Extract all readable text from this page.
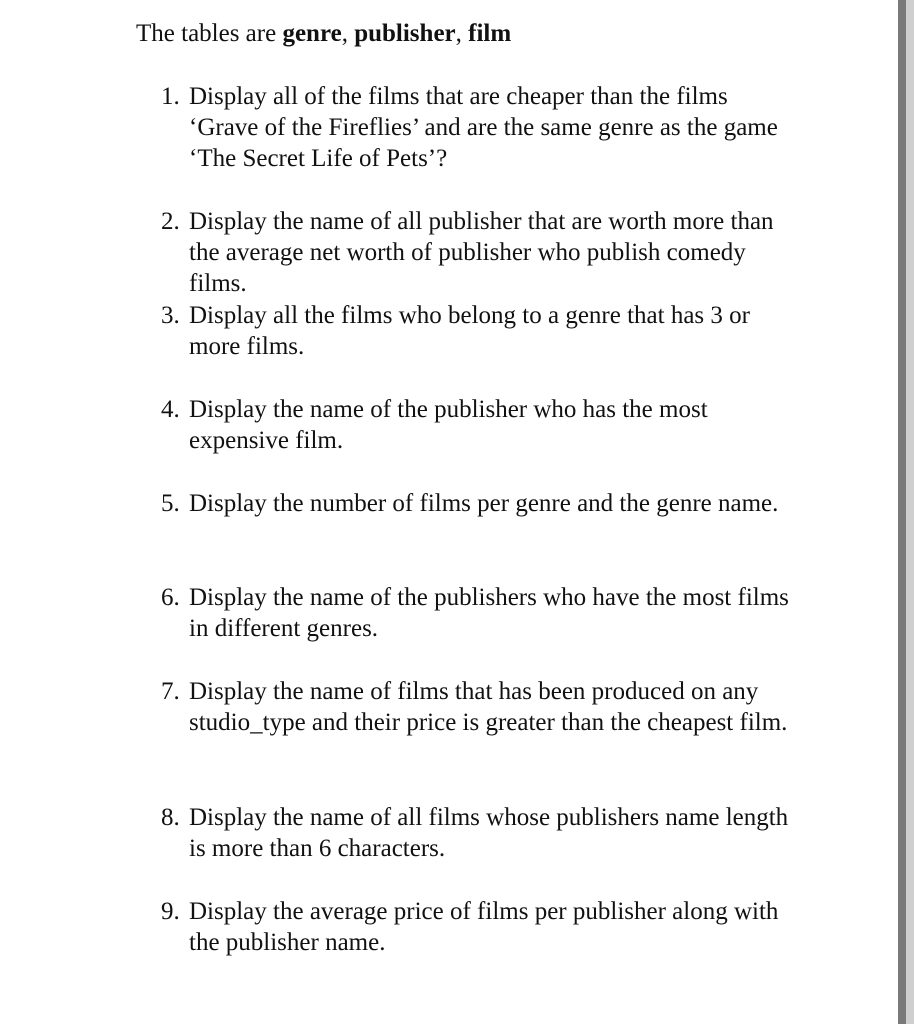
The tables are genre, publisher, film

1. Display all of the films that are cheaper than the films ‘Grave of the Fireflies’ and are the same genre as the game ‘The Secret Life of Pets’?
2. Display the name of all publisher that are worth more than the average net worth of publisher who publish comedy films.
3. Display all the films who belong to a genre that has 3 or more films.
4. Display the name of the publisher who has the most expensive film.
5. Display the number of films per genre and the genre name.
6. Display the name of the publishers who have the most films in different genres.
7. Display the name of films that has been produced on any studio_type and their price is greater than the cheapest film.
8. Display the name of all films whose publishers name length is more than 6 characters.
9. Display the average price of films per publisher along with the publisher name.
